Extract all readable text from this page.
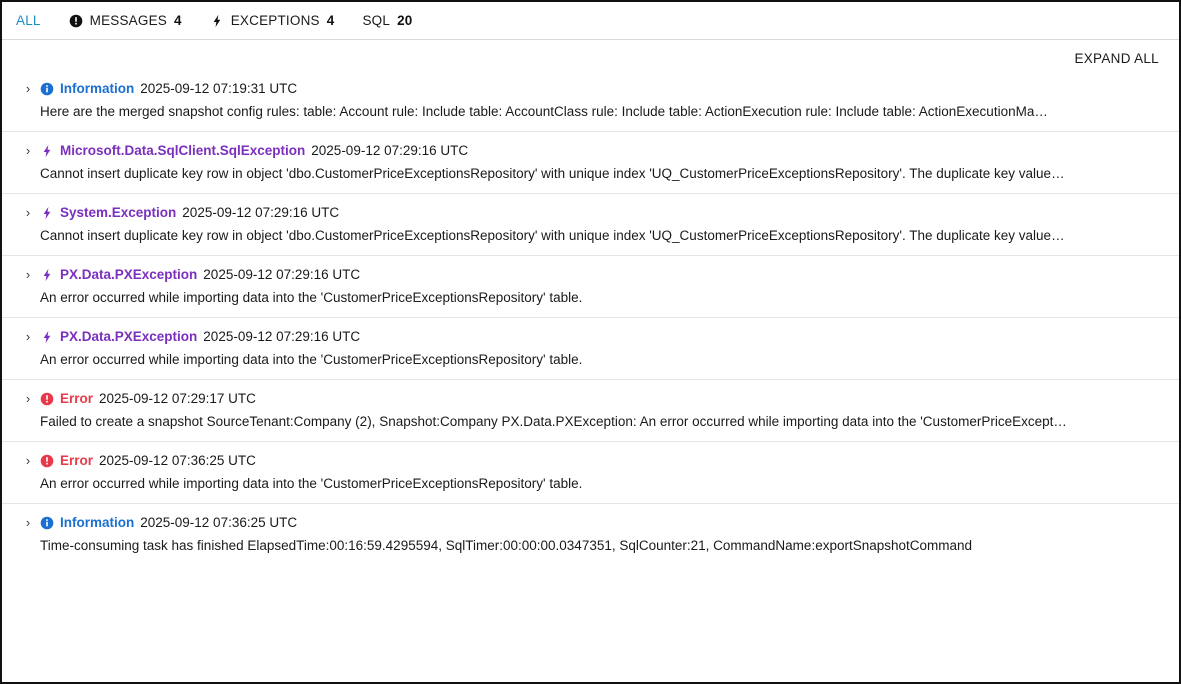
ALL	MESSAGES 4	EXCEPTIONS 4 SQL 20
EXPAND ALL
› Information 2025-09-12 07:19:31 UTC
Here are the merged snapshot config rules: table: Account rule: Include table: AccountClass rule: Include table: ActionExecution rule: Include table: ActionExecutionMa…
› Microsoft.Data.SqlClient.SqlException 2025-09-12 07:29:16 UTC
Cannot insert duplicate key row in object 'dbo.CustomerPriceExceptionsRepository' with unique index 'UQ_CustomerPriceExceptionsRepository'. The duplicate key value…
› System.Exception 2025-09-12 07:29:16 UTC
Cannot insert duplicate key row in object 'dbo.CustomerPriceExceptionsRepository' with unique index 'UQ_CustomerPriceExceptionsRepository'. The duplicate key value…
› PX.Data.PXException 2025-09-12 07:29:16 UTC
An error occurred while importing data into the 'CustomerPriceExceptionsRepository' table.
› PX.Data.PXException 2025-09-12 07:29:16 UTC
An error occurred while importing data into the 'CustomerPriceExceptionsRepository' table.
› Error 2025-09-12 07:29:17 UTC
Failed to create a snapshot SourceTenant:Company (2), Snapshot:Company PX.Data.PXException: An error occurred while importing data into the 'CustomerPriceExcept…
› Error 2025-09-12 07:36:25 UTC
An error occurred while importing data into the 'CustomerPriceExceptionsRepository' table.
› Information 2025-09-12 07:36:25 UTC
Time-consuming task has finished ElapsedTime:00:16:59.4295594, SqlTimer:00:00:00.0347351, SqlCounter:21, CommandName:exportSnapshotCommand
